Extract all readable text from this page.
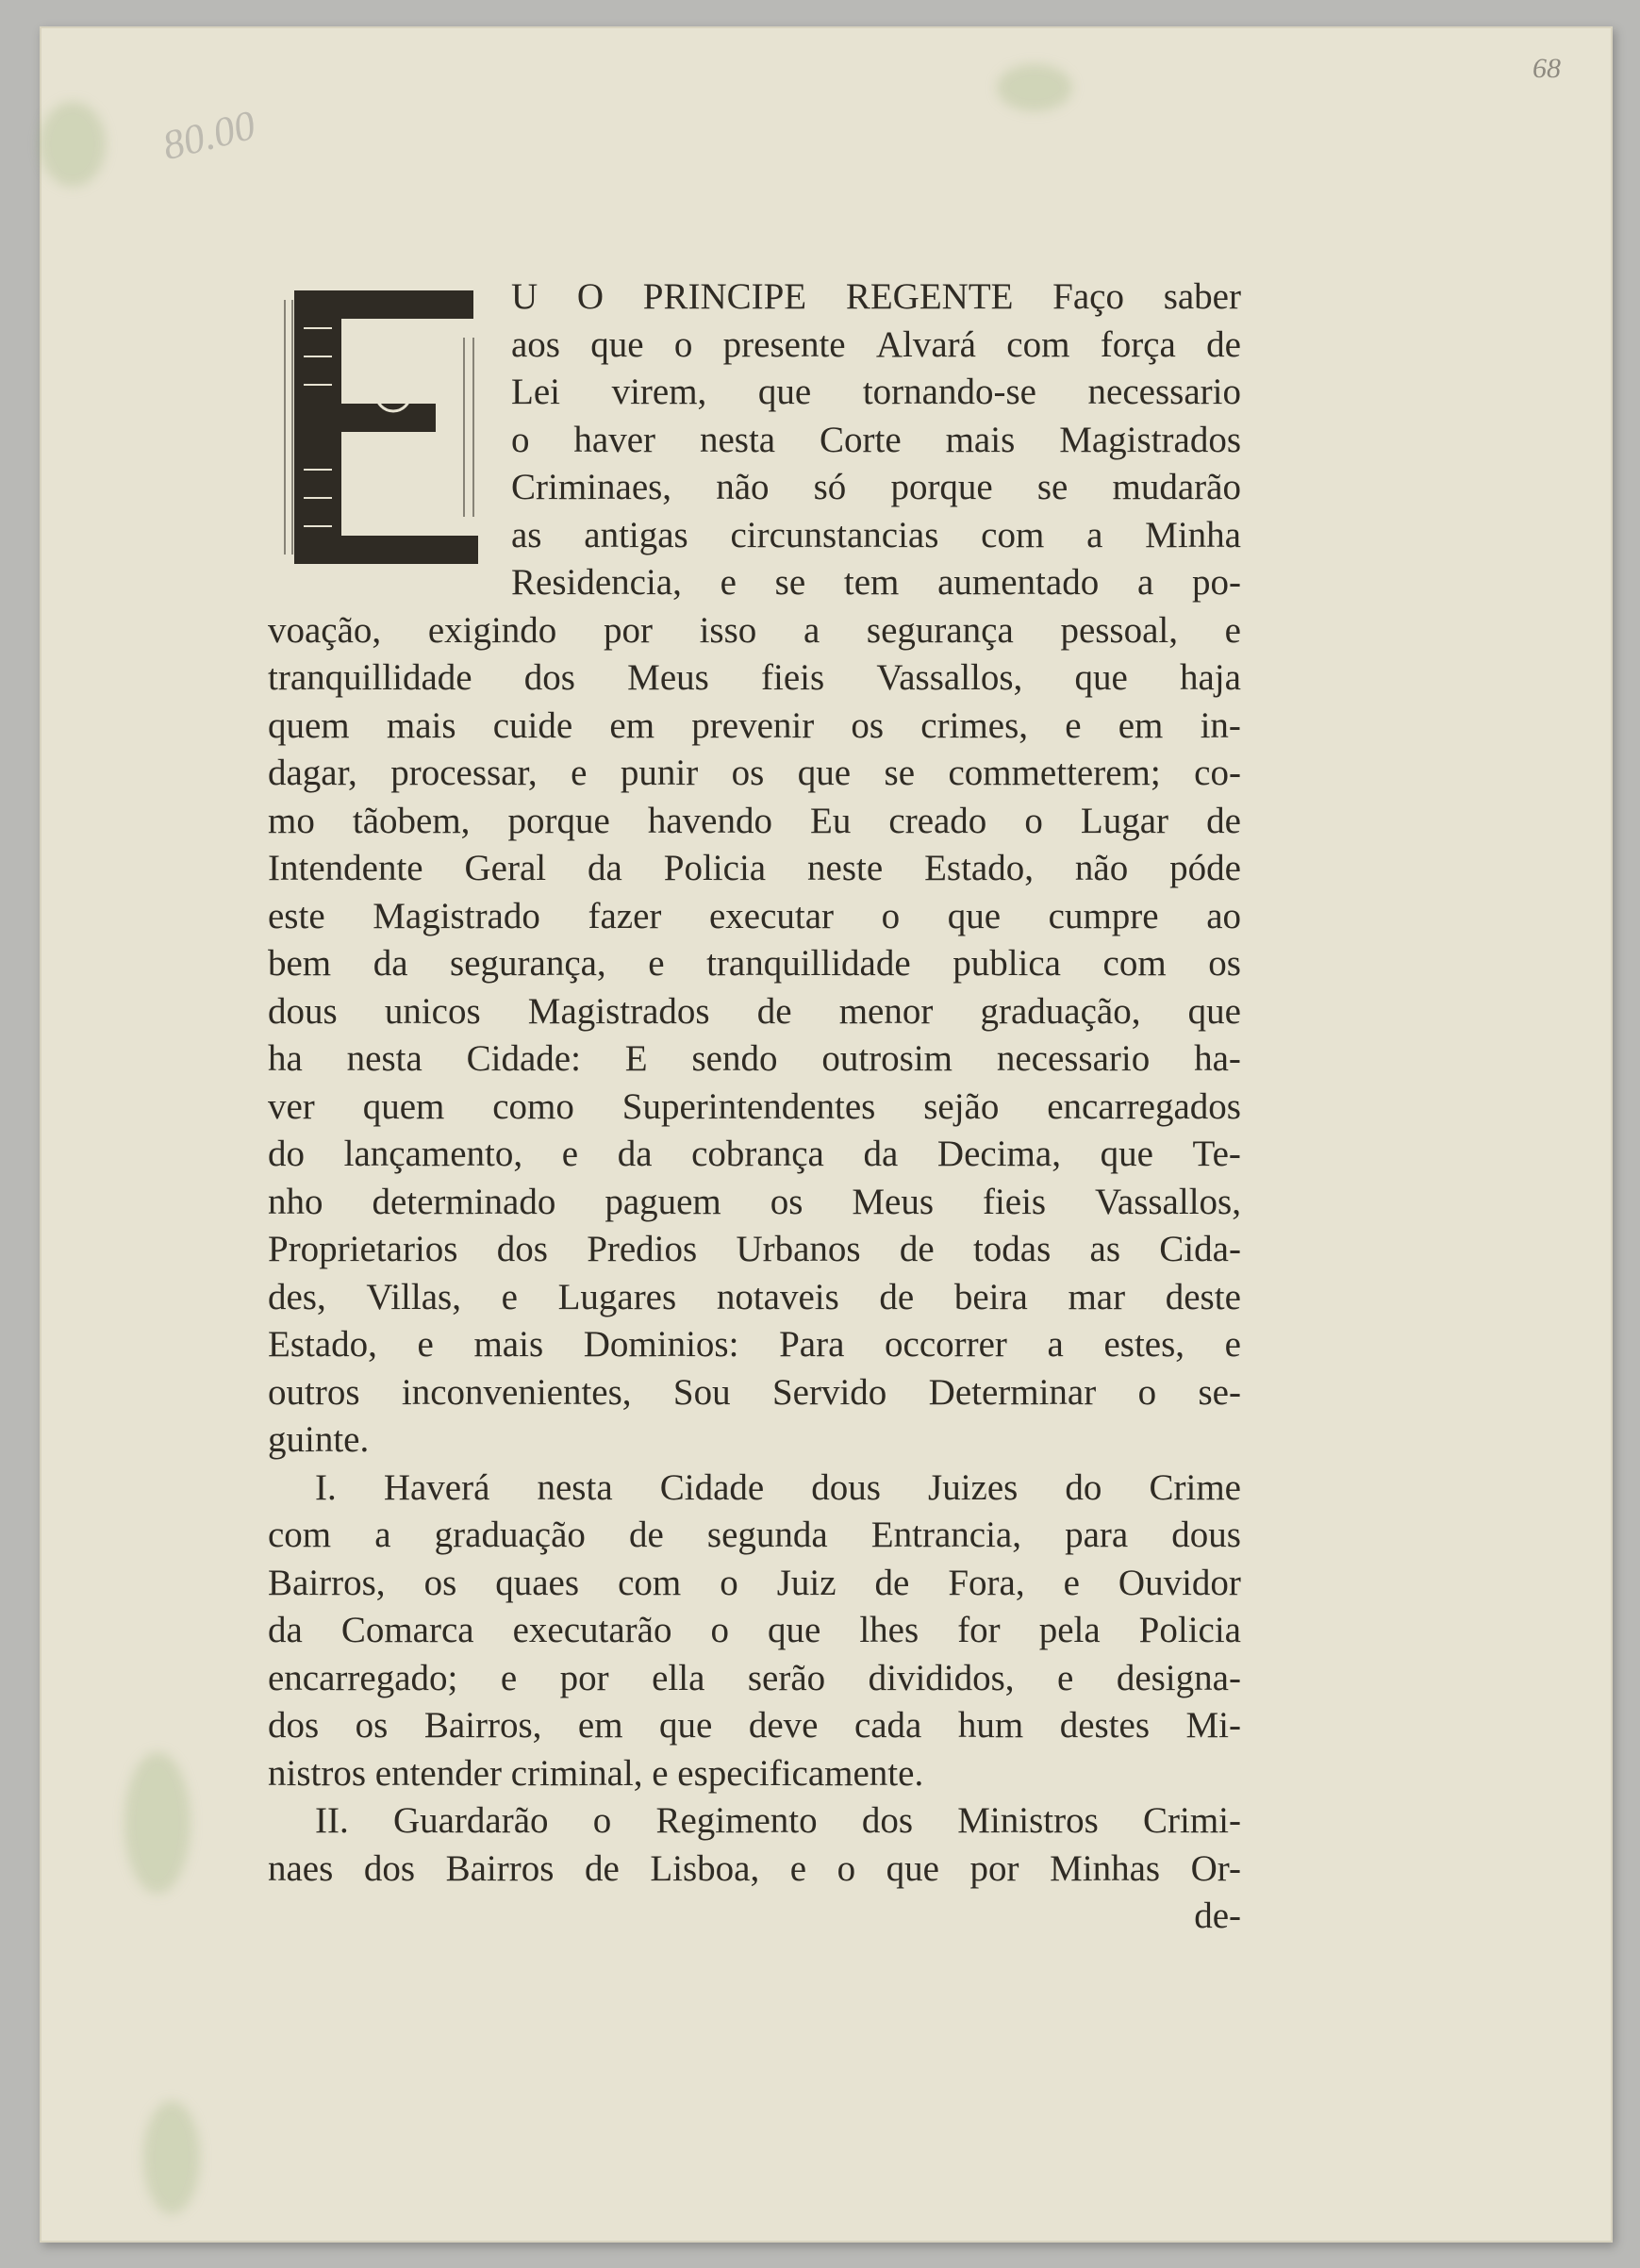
80.00
68
U O PRINCIPE REGENTE Faço saber
aos que o presente Alvará com força de
Lei virem, que tornando-se necessario
o haver nesta Corte mais Magistrados
Criminaes, não só porque se mudarão
as antigas circunstancias com a Minha
Residencia, e se tem aumentado a po-
voação, exigindo por isso a segurança pessoal, e
tranquillidade dos Meus fieis Vassallos, que haja
quem mais cuide em prevenir os crimes, e em in-
dagar, processar, e punir os que se commetterem; co-
mo tãobem, porque havendo Eu creado o Lugar de
Intendente Geral da Policia neste Estado, não póde
este Magistrado fazer executar o que cumpre ao
bem da segurança, e tranquillidade publica com os
dous unicos Magistrados de menor graduação, que
ha nesta Cidade: E sendo outrosim necessario ha-
ver quem como Superintendentes sejão encarregados
do lançamento, e da cobrança da Decima, que Te-
nho determinado paguem os Meus fieis Vassallos,
Proprietarios dos Predios Urbanos de todas as Cida-
des, Villas, e Lugares notaveis de beira mar deste
Estado, e mais Dominios: Para occorrer a estes, e
outros inconvenientes, Sou Servido Determinar o se-
guinte.
I. Haverá nesta Cidade dous Juizes do Crime
com a graduação de segunda Entrancia, para dous
Bairros, os quaes com o Juiz de Fora, e Ouvidor
da Comarca executarão o que lhes for pela Policia
encarregado; e por ella serão divididos, e designa-
dos os Bairros, em que deve cada hum destes Mi-
nistros entender criminal, e especificamente.
II. Guardarão o Regimento dos Ministros Crimi-
naes dos Bairros de Lisboa, e o que por Minhas Or-
de-
